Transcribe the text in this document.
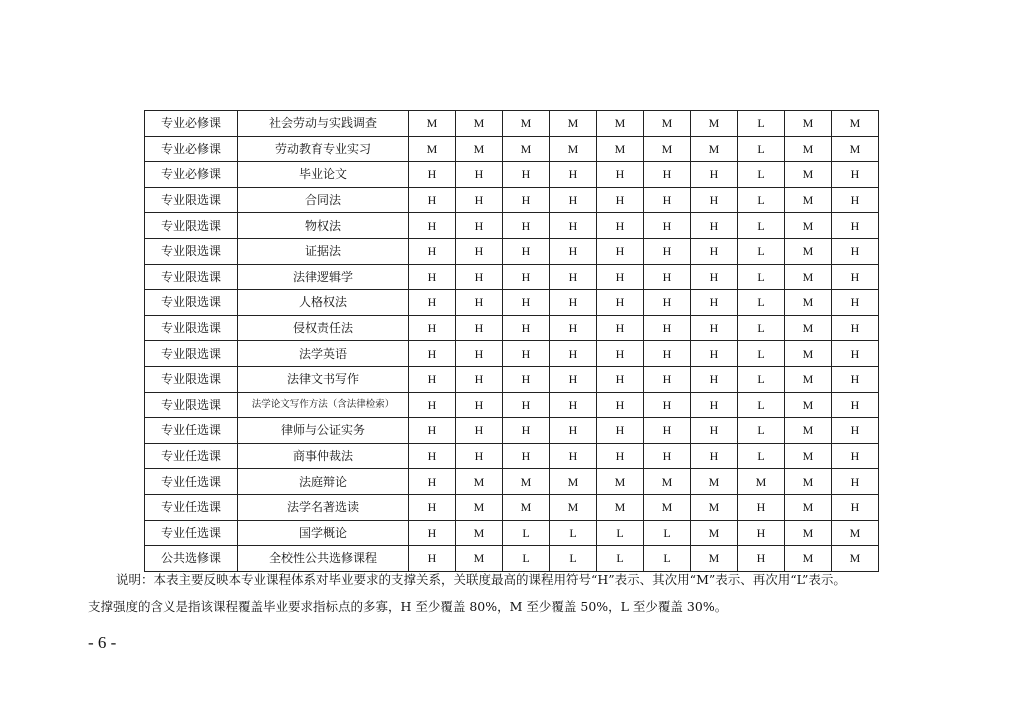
专业必修课	社会劳动与实践调查	M	M	M	M	M	M	M	L	M	M
专业必修课	劳动教育专业实习	M	M	M	M	M	M	M	L	M	M
专业必修课	毕业论文	H	H	H	H	H	H	H	L	M	H
专业限选课	合同法	H	H	H	H	H	H	H	L	M	H
专业限选课	物权法	H	H	H	H	H	H	H	L	M	H
专业限选课	证据法	H	H	H	H	H	H	H	L	M	H
专业限选课	法律逻辑学	H	H	H	H	H	H	H	L	M	H
专业限选课	人格权法	H	H	H	H	H	H	H	L	M	H
专业限选课	侵权责任法	H	H	H	H	H	H	H	L	M	H
专业限选课	法学英语	H	H	H	H	H	H	H	L	M	H
专业限选课	法律文书写作	H	H	H	H	H	H	H	L	M	H
专业限选课	法学论文写作方法（含法律检索）	H	H	H	H	H	H	H	L	M	H
专业任选课	律师与公证实务	H	H	H	H	H	H	H	L	M	H
专业任选课	商事仲裁法	H	H	H	H	H	H	H	L	M	H
专业任选课	法庭辩论	H	M	M	M	M	M	M	M	M	H
专业任选课	法学名著选读	H	M	M	M	M	M	M	H	M	H
专业任选课	国学概论	H	M	L	L	L	L	M	H	M	M
公共选修课	全校性公共选修课程	H	M	L	L	L	L	M	H	M	M
说明：本表主要反映本专业课程体系对毕业要求的支撑关系，关联度最高的课程用符号“H”表示、其次用“M”表示、再次用“L”表示。
支撑强度的含义是指该课程覆盖毕业要求指标点的多寡，H 至少覆盖 80%，M 至少覆盖 50%，L 至少覆盖 30%。
- 6 -
